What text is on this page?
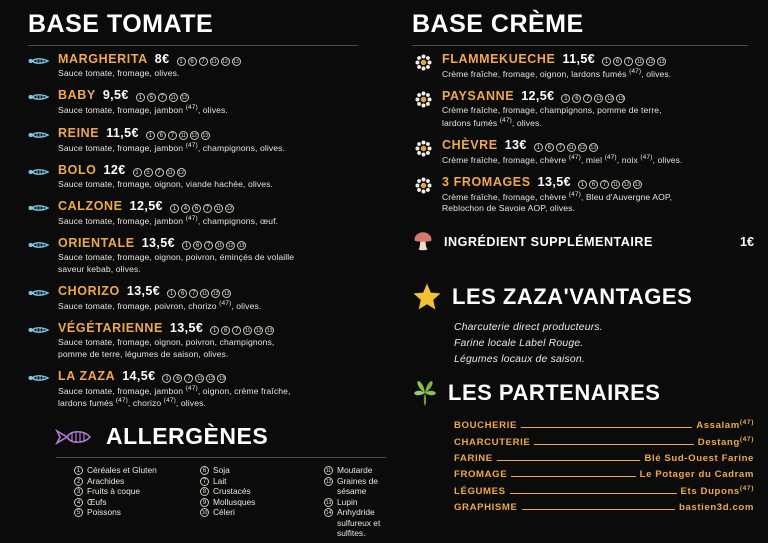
BASE TOMATE
MARGHERITA 8€	1	6	7	11	12	13
Sauce tomate, fromage, olives.
BABY 9,5€	1	6	7	11	12
Sauce tomate, fromage, jambon $^{(47)}$, olives.
REINE 11,5€	1	6	7	11	12	13
Sauce tomate, fromage, jambon $^{(47)}$, champignons, olives.
BOLO 12€	1	5	7	11	12
Sauce tomate, fromage, oignon, viande hachée, olives.
CALZONE 12,5€	1	4	6	7	11	12
Sauce tomate, fromage, jambon $^{(47)}$, champignons, œuf.
ORIENTALE 13,5€	1	6	7	11	12	13
Sauce tomate, fromage, oignon, poivron, éminçés de volaille
saveur kebab, olives.
CHORIZO 13,5€	1	6	7	11	12	13
Sauce tomate, fromage, poivron, chorizo $^{(47)}$, olives.
VÉGÉTARIENNE 13,5€	1	6	7	11	12	13
Sauce tomate, fromage, oignon, poivron, champignons,
pomme de terre, légumes de saison, olives.
LA ZAZA 14,5€	1	6	7	11	12	13
Sauce tomate, fromage, jambon $^{(47)}$, oignon, crème fraîche,
lardons fumés $^{(47)}$, chorizo $^{(47)}$, olives.
ALLERGÈNES
1 Céréales et Gluten
2 Arachides
3 Fruits à coque
4 Œufs
5 Poissons
6 Soja
7 Lait
8 Crustacés
9 Mollusques
10 Céleri
11 Moutarde
12 Graines de sésame
13 Lupin
14 Anhydride sulfureux et sulfites.
BASE CRÈME
FLAMMEKUECHE 11,5€	1	6	7	11	12	13
Crème fraîche, fromage, oignon, lardons fumés $^{(47)}$, olives.
PAYSANNE 12,5€	1	6	7	11	12	13
Crème fraîche, fromage, champignons, pomme de terre,
lardons fumés $^{(47)}$, olives.
CHÈVRE 13€	1	6	7	11	12	13
Crème fraîche, fromage, chèvre $^{(47)}$, miel $^{(47)}$, noix $^{(47)}$, olives.
3 FROMAGES 13,5€	1	6	7	11	12	13
Crème fraîche, fromage, chèvre $^{(47)}$, Bleu d'Auvergne AOP,
Reblochon de Savoie AOP, olives.
INGRÉDIENT SUPPLÉMENTAIRE	1€
LES ZAZA'VANTAGES
Charcuterie direct producteurs.
Farine locale Label Rouge.
Légumes locaux de saison.
LES PARTENAIRES
BOUCHERIE	Assalam$^{(47)}$
CHARCUTERIE	Destang$^{(47)}$
FARINE	Blé Sud-Ouest Farine
FROMAGE	Le Potager du Cadram
LÉGUMES	Ets Dupons$^{(47)}$
GRAPHISME	bastien3d.com
